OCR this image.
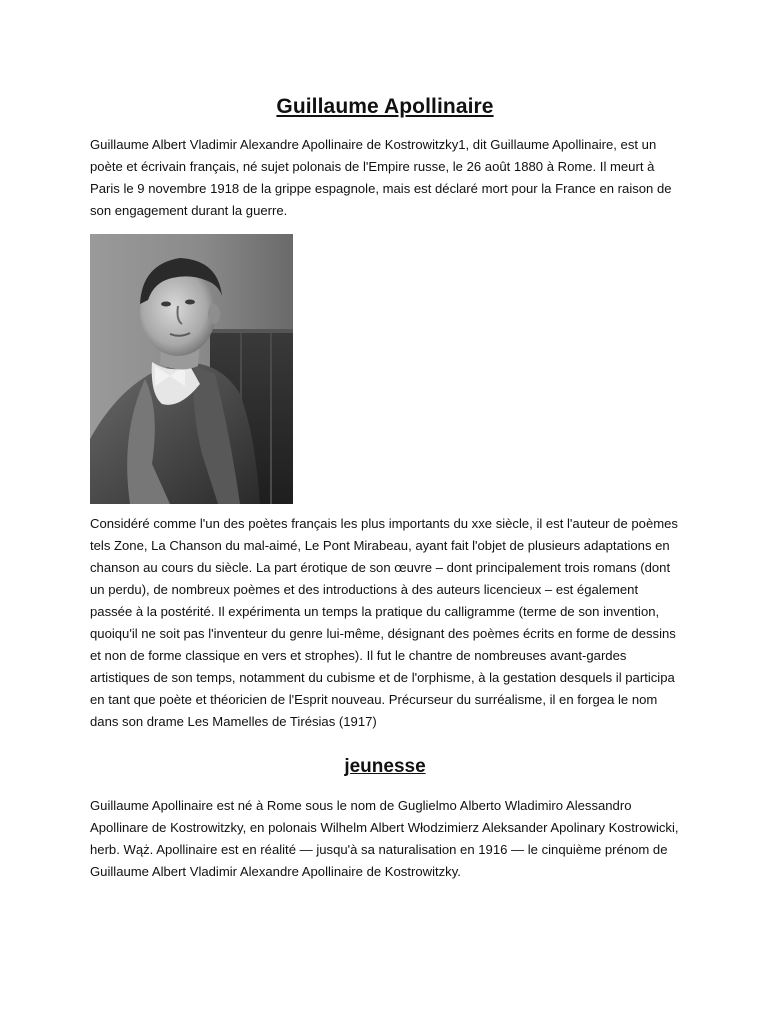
Guillaume Apollinaire

Guillaume Albert Vladimir Alexandre Apollinaire de Kostrowitzky1, dit Guillaume Apollinaire, est un poète et écrivain français, né sujet polonais de l'Empire russe, le 26 août 1880 à Rome. Il meurt à Paris le 9 novembre 1918 de la grippe espagnole, mais est déclaré mort pour la France en raison de son engagement durant la guerre.

Considéré comme l'un des poètes français les plus importants du xxe siècle, il est l'auteur de poèmes tels Zone, La Chanson du mal-aimé, Le Pont Mirabeau, ayant fait l'objet de plusieurs adaptations en chanson au cours du siècle. La part érotique de son œuvre – dont principalement trois romans (dont un perdu), de nombreux poèmes et des introductions à des auteurs licencieux – est également passée à la postérité. Il expérimenta un temps la pratique du calligramme (terme de son invention, quoiqu'il ne soit pas l'inventeur du genre lui-même, désignant des poèmes écrits en forme de dessins et non de forme classique en vers et strophes). Il fut le chantre de nombreuses avant-gardes artistiques de son temps, notamment du cubisme et de l'orphisme, à la gestation desquels il participa en tant que poète et théoricien de l'Esprit nouveau. Précurseur du surréalisme, il en forgea le nom dans son drame Les Mamelles de Tirésias (1917)

jeunesse

Guillaume Apollinaire est né à Rome sous le nom de Guglielmo Alberto Wladimiro Alessandro Apollinare de Kostrowitzky, en polonais Wilhelm Albert Włodzimierz Aleksander Apolinary Kostrowicki, herb. Wąż. Apollinaire est en réalité — jusqu'à sa naturalisation en 1916 — le cinquième prénom de Guillaume Albert Vladimir Alexandre Apollinaire de Kostrowitzky.
